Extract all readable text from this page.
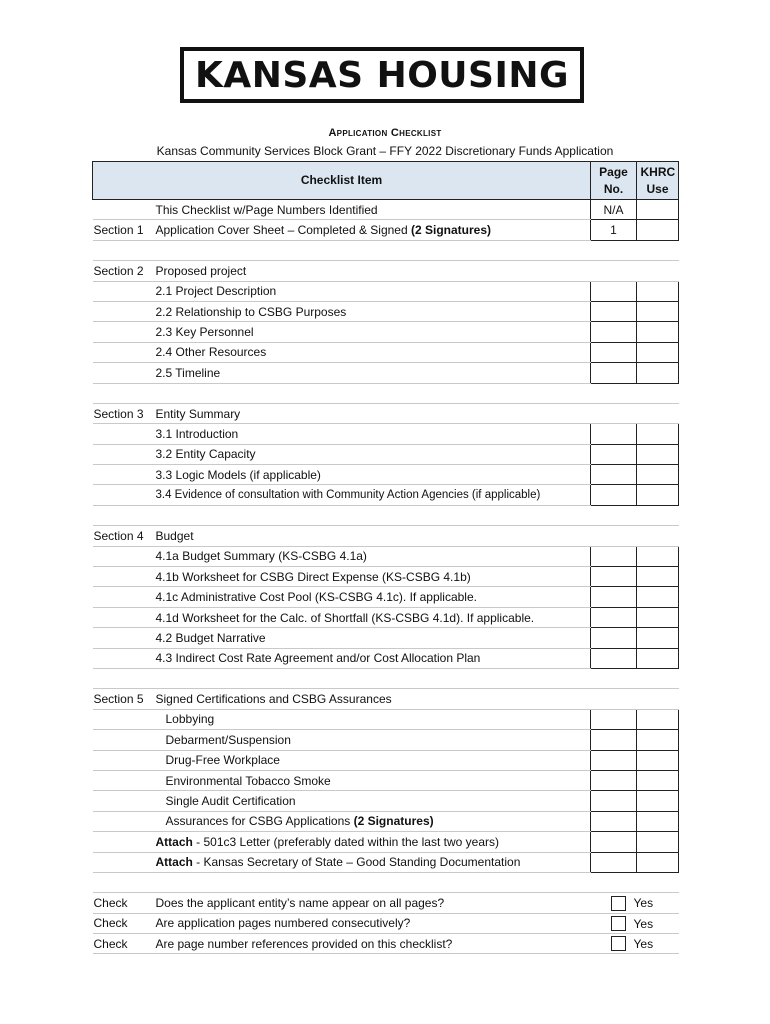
KANSAS HOUSING
Application Checklist
Kansas Community Services Block Grant – FFY 2022 Discretionary Funds Application
Checklist Item		Page No.	KHRC Use
	This Checklist w/Page Numbers Identified	N/A	
Section 1	Application Cover Sheet – Completed & Signed (2 Signatures)	1	

Section 2	Proposed project		
	2.1 Project Description		
	2.2 Relationship to CSBG Purposes		
	2.3 Key Personnel		
	2.4 Other Resources		
	2.5 Timeline		

Section 3	Entity Summary		
	3.1 Introduction		
	3.2 Entity Capacity		
	3.3 Logic Models (if applicable)		
	3.4 Evidence of consultation with Community Action Agencies (if applicable)		

Section 4	Budget		
	4.1a Budget Summary (KS-CSBG 4.1a)		
	4.1b Worksheet for CSBG Direct Expense (KS-CSBG 4.1b)		
	4.1c Administrative Cost Pool (KS-CSBG 4.1c). If applicable.		
	4.1d Worksheet for the Calc. of Shortfall (KS-CSBG 4.1d). If applicable.		
	4.2 Budget Narrative		
	4.3 Indirect Cost Rate Agreement and/or Cost Allocation Plan		

Section 5	Signed Certifications and CSBG Assurances		
	Lobbying		
	Debarment/Suspension		
	Drug-Free Workplace		
	Environmental Tobacco Smoke		
	Single Audit Certification		
	Assurances for CSBG Applications (2 Signatures)		
	Attach - 501c3 Letter (preferably dated within the last two years)		
	Attach - Kansas Secretary of State – Good Standing Documentation		

Check	Does the applicant entity’s name appear on all pages?	Yes	
Check	Are application pages numbered consecutively?	Yes	
Check	Are page number references provided on this checklist?	Yes	
